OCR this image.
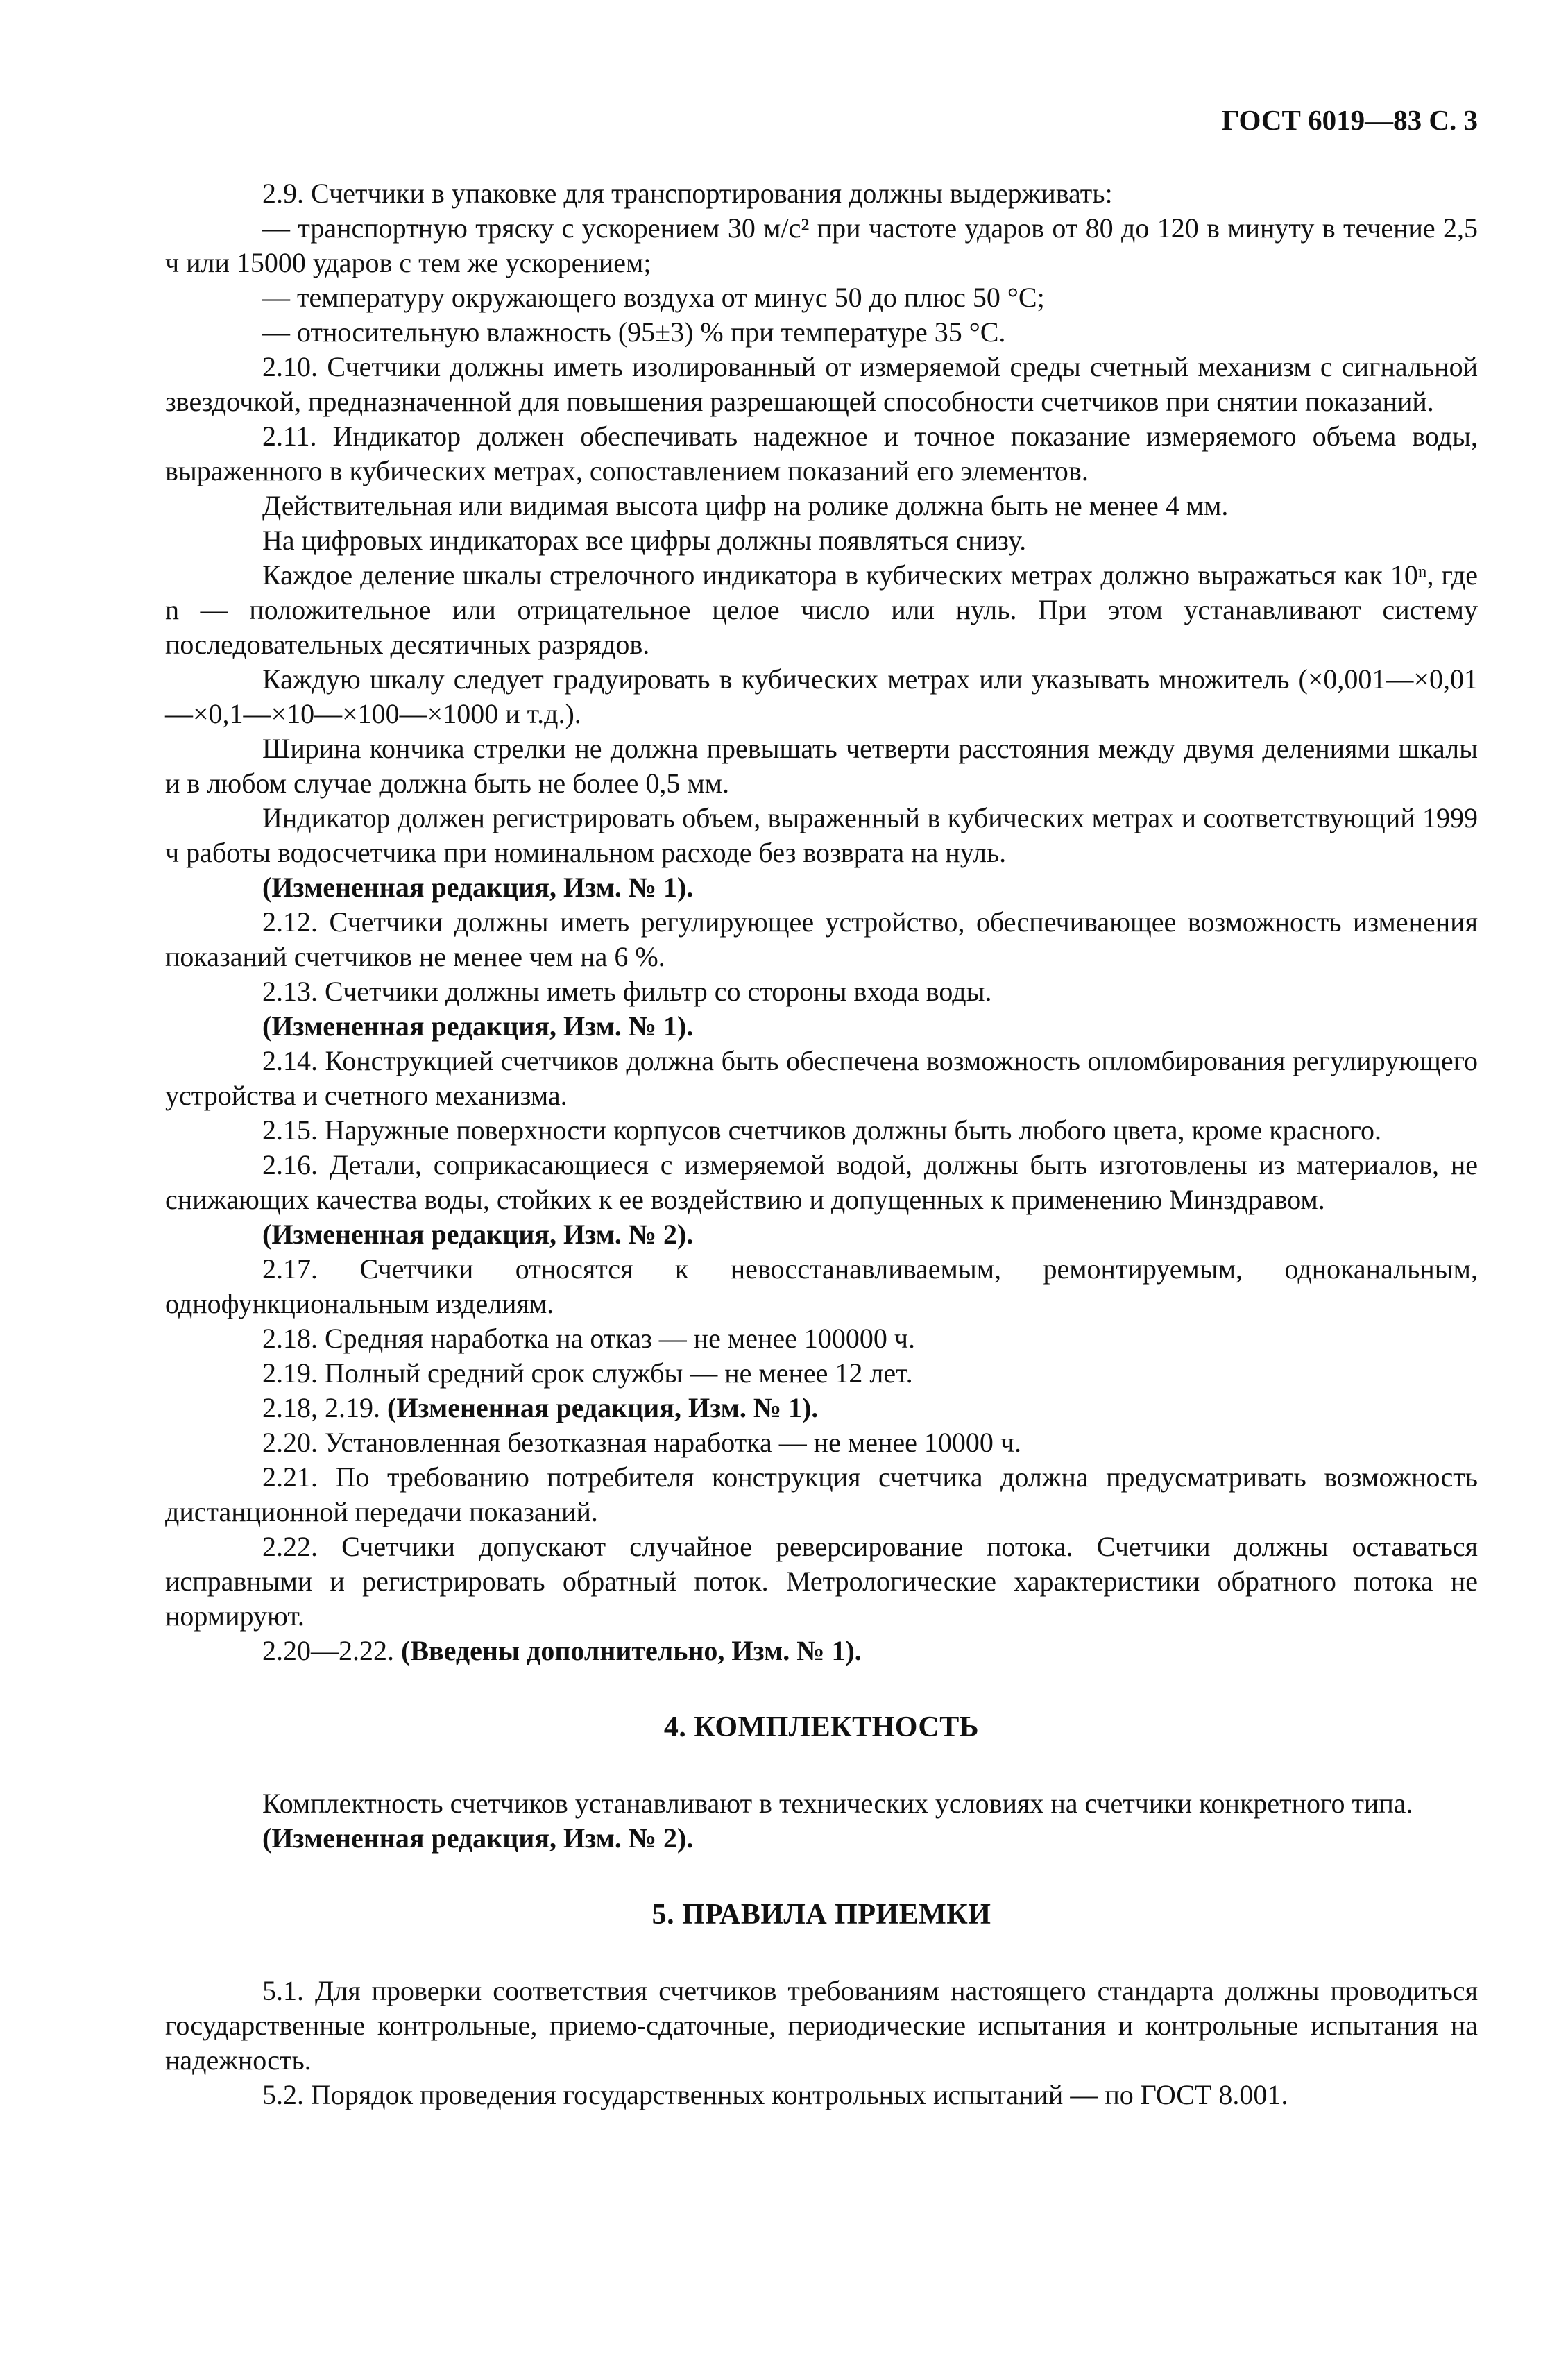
ГОСТ 6019—83 С. 3

2.9. Счетчики в упаковке для транспортирования должны выдерживать:

— транспортную тряску с ускорением 30 м/с² при частоте ударов от 80 до 120 в минуту в течение 2,5 ч или 15000 ударов с тем же ускорением;

— температуру окружающего воздуха от минус 50 до плюс 50 °С;

— относительную влажность (95±3) % при температуре 35 °С.

2.10. Счетчики должны иметь изолированный от измеряемой среды счетный механизм с сигнальной звездочкой, предназначенной для повышения разрешающей способности счетчиков при снятии показаний.

2.11. Индикатор должен обеспечивать надежное и точное показание измеряемого объема воды, выраженного в кубических метрах, сопоставлением показаний его элементов.

Действительная или видимая высота цифр на ролике должна быть не менее 4 мм.

На цифровых индикаторах все цифры должны появляться снизу.

Каждое деление шкалы стрелочного индикатора в кубических метрах должно выражаться как 10ⁿ, где n — положительное или отрицательное целое число или нуль. При этом устанавливают систему последовательных десятичных разрядов.

Каждую шкалу следует градуировать в кубических метрах или указывать множитель (×0,001—×0,01—×0,1—×10—×100—×1000 и т.д.).

Ширина кончика стрелки не должна превышать четверти расстояния между двумя делениями шкалы и в любом случае должна быть не более 0,5 мм.

Индикатор должен регистрировать объем, выраженный в кубических метрах и соответствующий 1999 ч работы водосчетчика при номинальном расходе без возврата на нуль.

(Измененная редакция, Изм. № 1).

2.12. Счетчики должны иметь регулирующее устройство, обеспечивающее возможность изменения показаний счетчиков не менее чем на 6 %.

2.13. Счетчики должны иметь фильтр со стороны входа воды.

(Измененная редакция, Изм. № 1).

2.14. Конструкцией счетчиков должна быть обеспечена возможность опломбирования регулирующего устройства и счетного механизма.

2.15. Наружные поверхности корпусов счетчиков должны быть любого цвета, кроме красного.

2.16. Детали, соприкасающиеся с измеряемой водой, должны быть изготовлены из материалов, не снижающих качества воды, стойких к ее воздействию и допущенных к применению Минздравом.

(Измененная редакция, Изм. № 2).

2.17. Счетчики относятся к невосстанавливаемым, ремонтируемым, одноканальным, однофункциональным изделиям.

2.18. Средняя наработка на отказ — не менее 100000 ч.

2.19. Полный средний срок службы — не менее 12 лет.

2.18, 2.19. (Измененная редакция, Изм. № 1).

2.20. Установленная безотказная наработка — не менее 10000 ч.

2.21. По требованию потребителя конструкция счетчика должна предусматривать возможность дистанционной передачи показаний.

2.22. Счетчики допускают случайное реверсирование потока. Счетчики должны оставаться исправными и регистрировать обратный поток. Метрологические характеристики обратного потока не нормируют.

2.20—2.22. (Введены дополнительно, Изм. № 1).

4. КОМПЛЕКТНОСТЬ

Комплектность счетчиков устанавливают в технических условиях на счетчики конкретного типа.

(Измененная редакция, Изм. № 2).

5. ПРАВИЛА ПРИЕМКИ

5.1. Для проверки соответствия счетчиков требованиям настоящего стандарта должны проводиться государственные контрольные, приемо-сдаточные, периодические испытания и контрольные испытания на надежность.

5.2. Порядок проведения государственных контрольных испытаний — по ГОСТ 8.001.
